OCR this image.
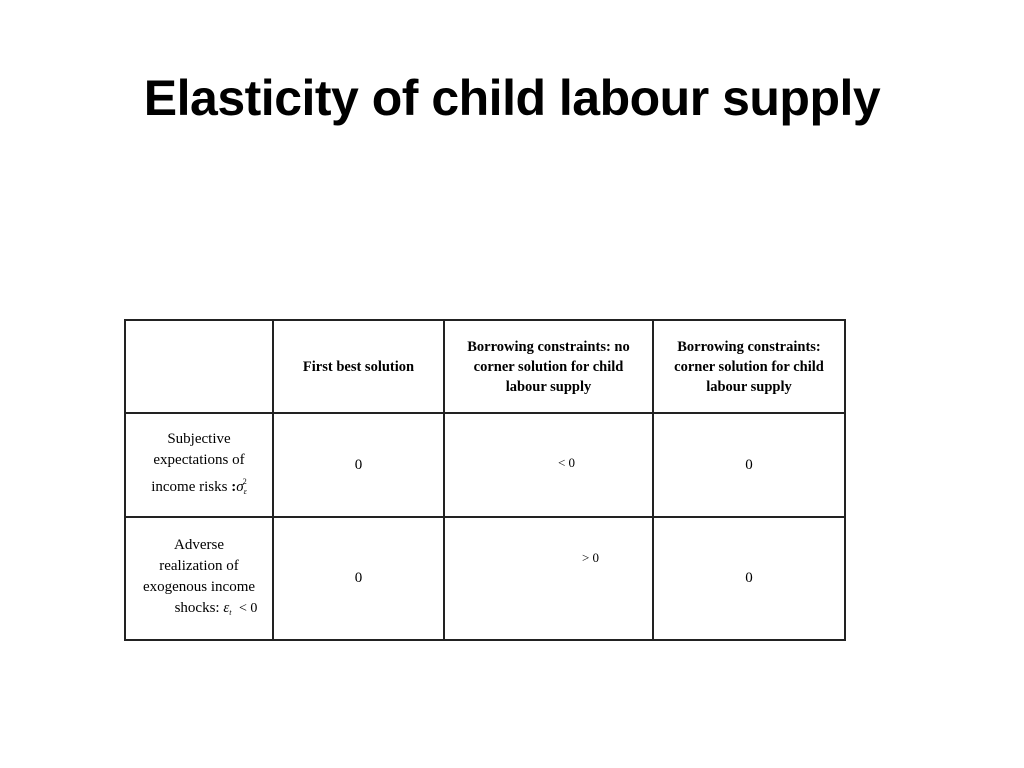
Elasticity of child labour supply
	First best solution	Borrowing constraints: no corner solution for child labour supply	Borrowing constraints: corner solution for child labour supply

Subjective
expectations of
income risks $:\sigma_\varepsilon^2$	0	< 0	0

Adverse
realization of
exogenous income
shocks: $\varepsilon_t < 0$	0	> 0	0
